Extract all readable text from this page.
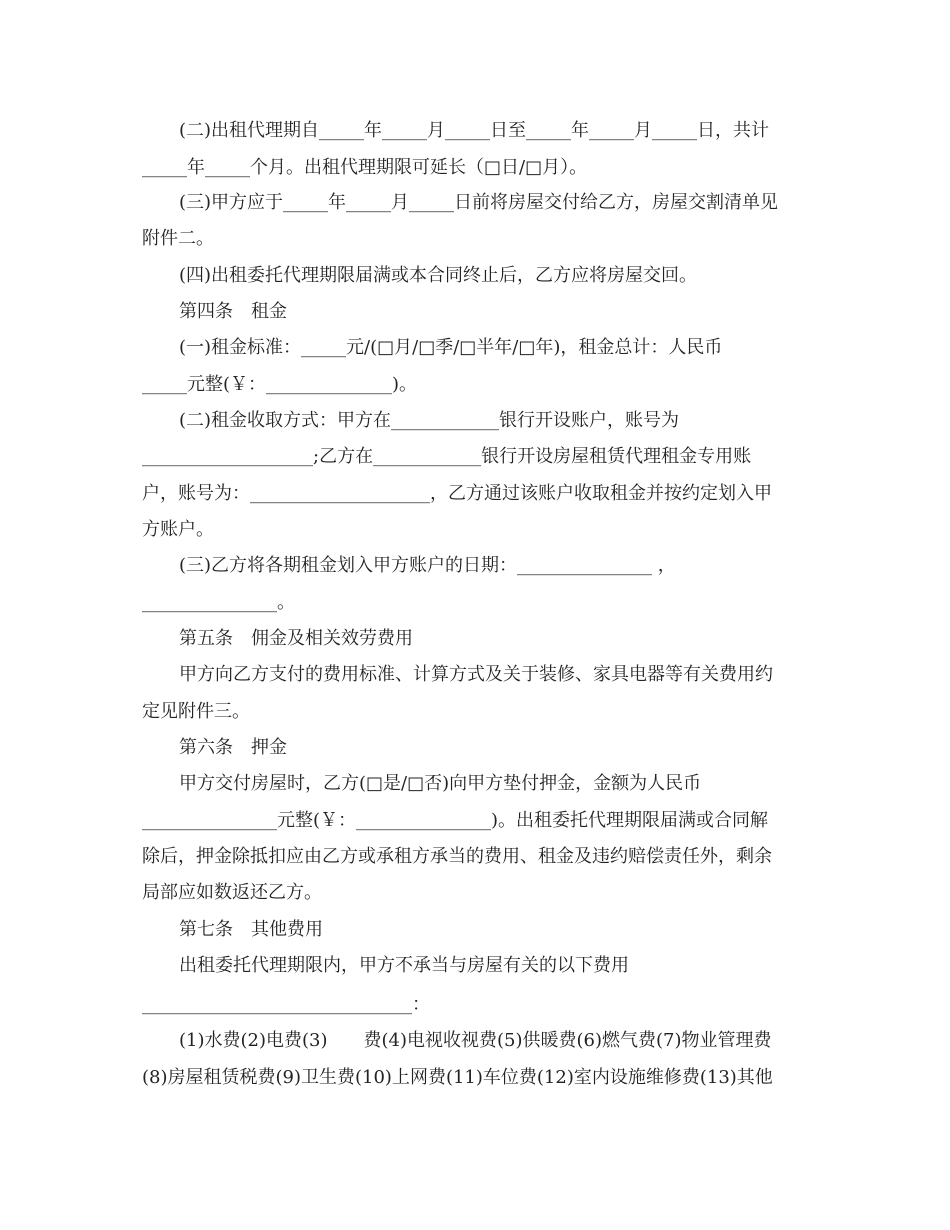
(二)出租代理期自_____年_____月_____日至_____年_____月_____日，共计
_____年_____个月。出租代理期限可延长（□日/□月）。
(三)甲方应于_____年_____月_____日前将房屋交付给乙方，房屋交割清单见
附件二。
(四)出租委托代理期限届满或本合同终止后，乙方应将房屋交回。
第四条　租金
(一)租金标准：_____元/(□月/□季/□半年/□年)，租金总计：人民币
_____元整(￥：______________)。
(二)租金收取方式：甲方在____________银行开设账户，账号为
___________________;乙方在____________银行开设房屋租赁代理租金专用账
户，账号为：____________________，乙方通过该账户收取租金并按约定划入甲
方账户。
(三)乙方将各期租金划入甲方账户的日期：_______________ ，
_______________。
第五条　佣金及相关效劳费用
甲方向乙方支付的费用标准、计算方式及关于装修、家具电器等有关费用约
定见附件三。
第六条　押金
甲方交付房屋时，乙方(□是/□否)向甲方垫付押金，金额为人民币
_______________元整(￥：_______________)。出租委托代理期限届满或合同解
除后，押金除抵扣应由乙方或承租方承当的费用、租金及违约赔偿责任外，剩余
局部应如数返还乙方。
第七条　其他费用
出租委托代理期限内，甲方不承当与房屋有关的以下费用
______________________________：
(1)水费(2)电费(3)　　费(4)电视收视费(5)供暖费(6)燃气费(7)物业管理费
(8)房屋租赁税费(9)卫生费(10)上网费(11)车位费(12)室内设施维修费(13)其他
